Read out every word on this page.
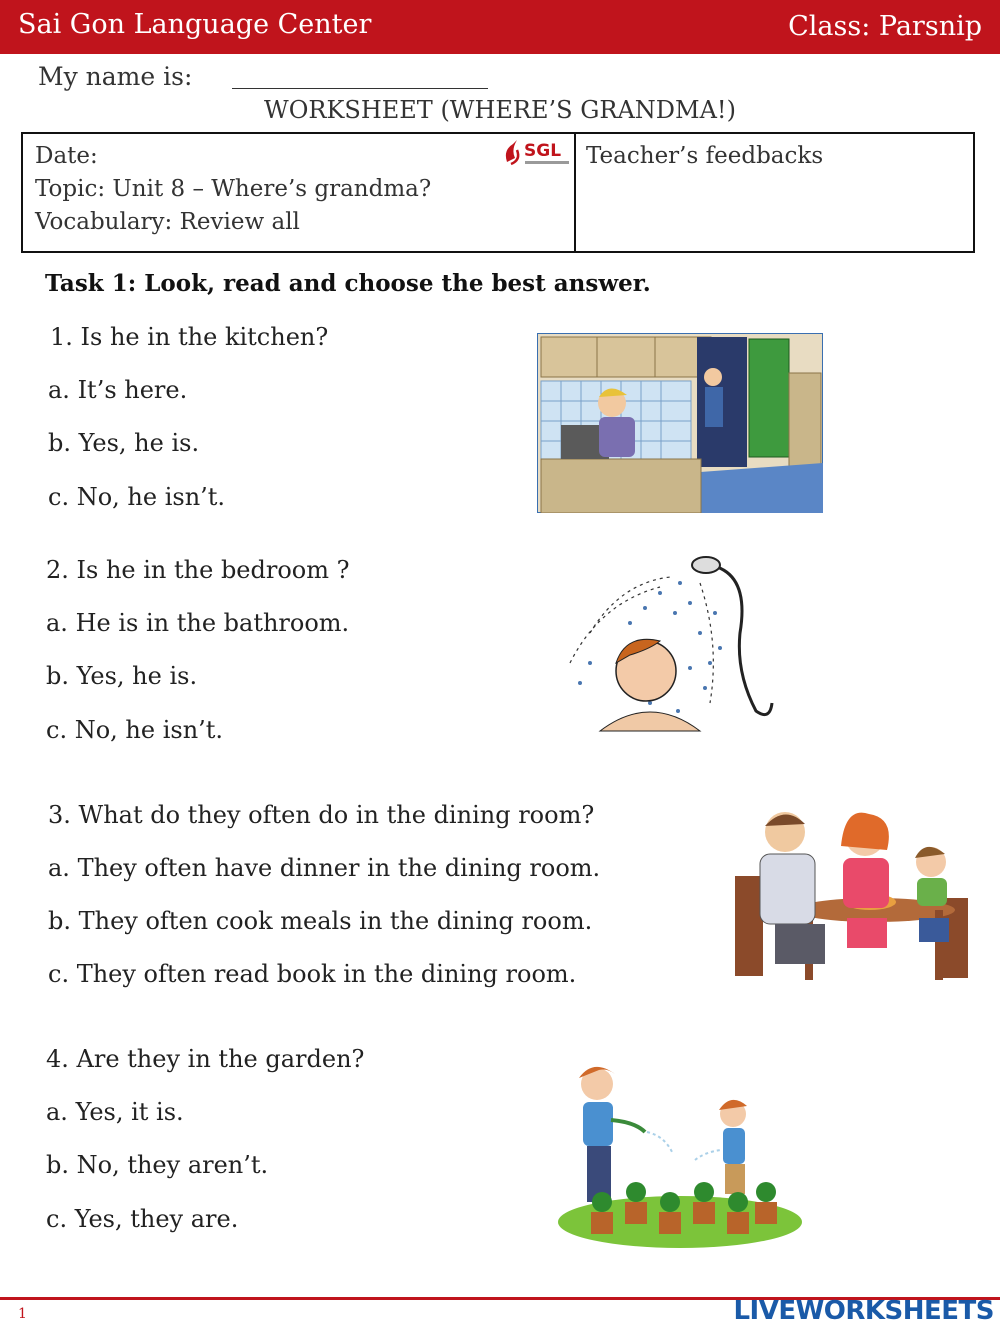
Sai Gon Language Center	Class: Parsnip
My name is:
WORKSHEET (WHERE’S GRANDMA!)
Date:
Topic: Unit 8 – Where’s grandma?
Vocabulary: Review all
SGL Teacher’s feedbacks
Task 1: Look, read and choose the best answer.
1. Is he in the kitchen?
a. It’s here.
b. Yes, he is.
c. No, he isn’t.
2. Is he in the bedroom ?
a. He is in the bathroom.
b. Yes, he is.
c. No, he isn’t.
3. What do they often do in the dining room?
a. They often have dinner in the dining room.
b. They often cook meals in the dining room.
c. They often read book in the dining room.
4. Are they in the garden?
a. Yes, it is.
b. No, they aren’t.
c. Yes, they are.
1	LIVEWORKSHEETS
